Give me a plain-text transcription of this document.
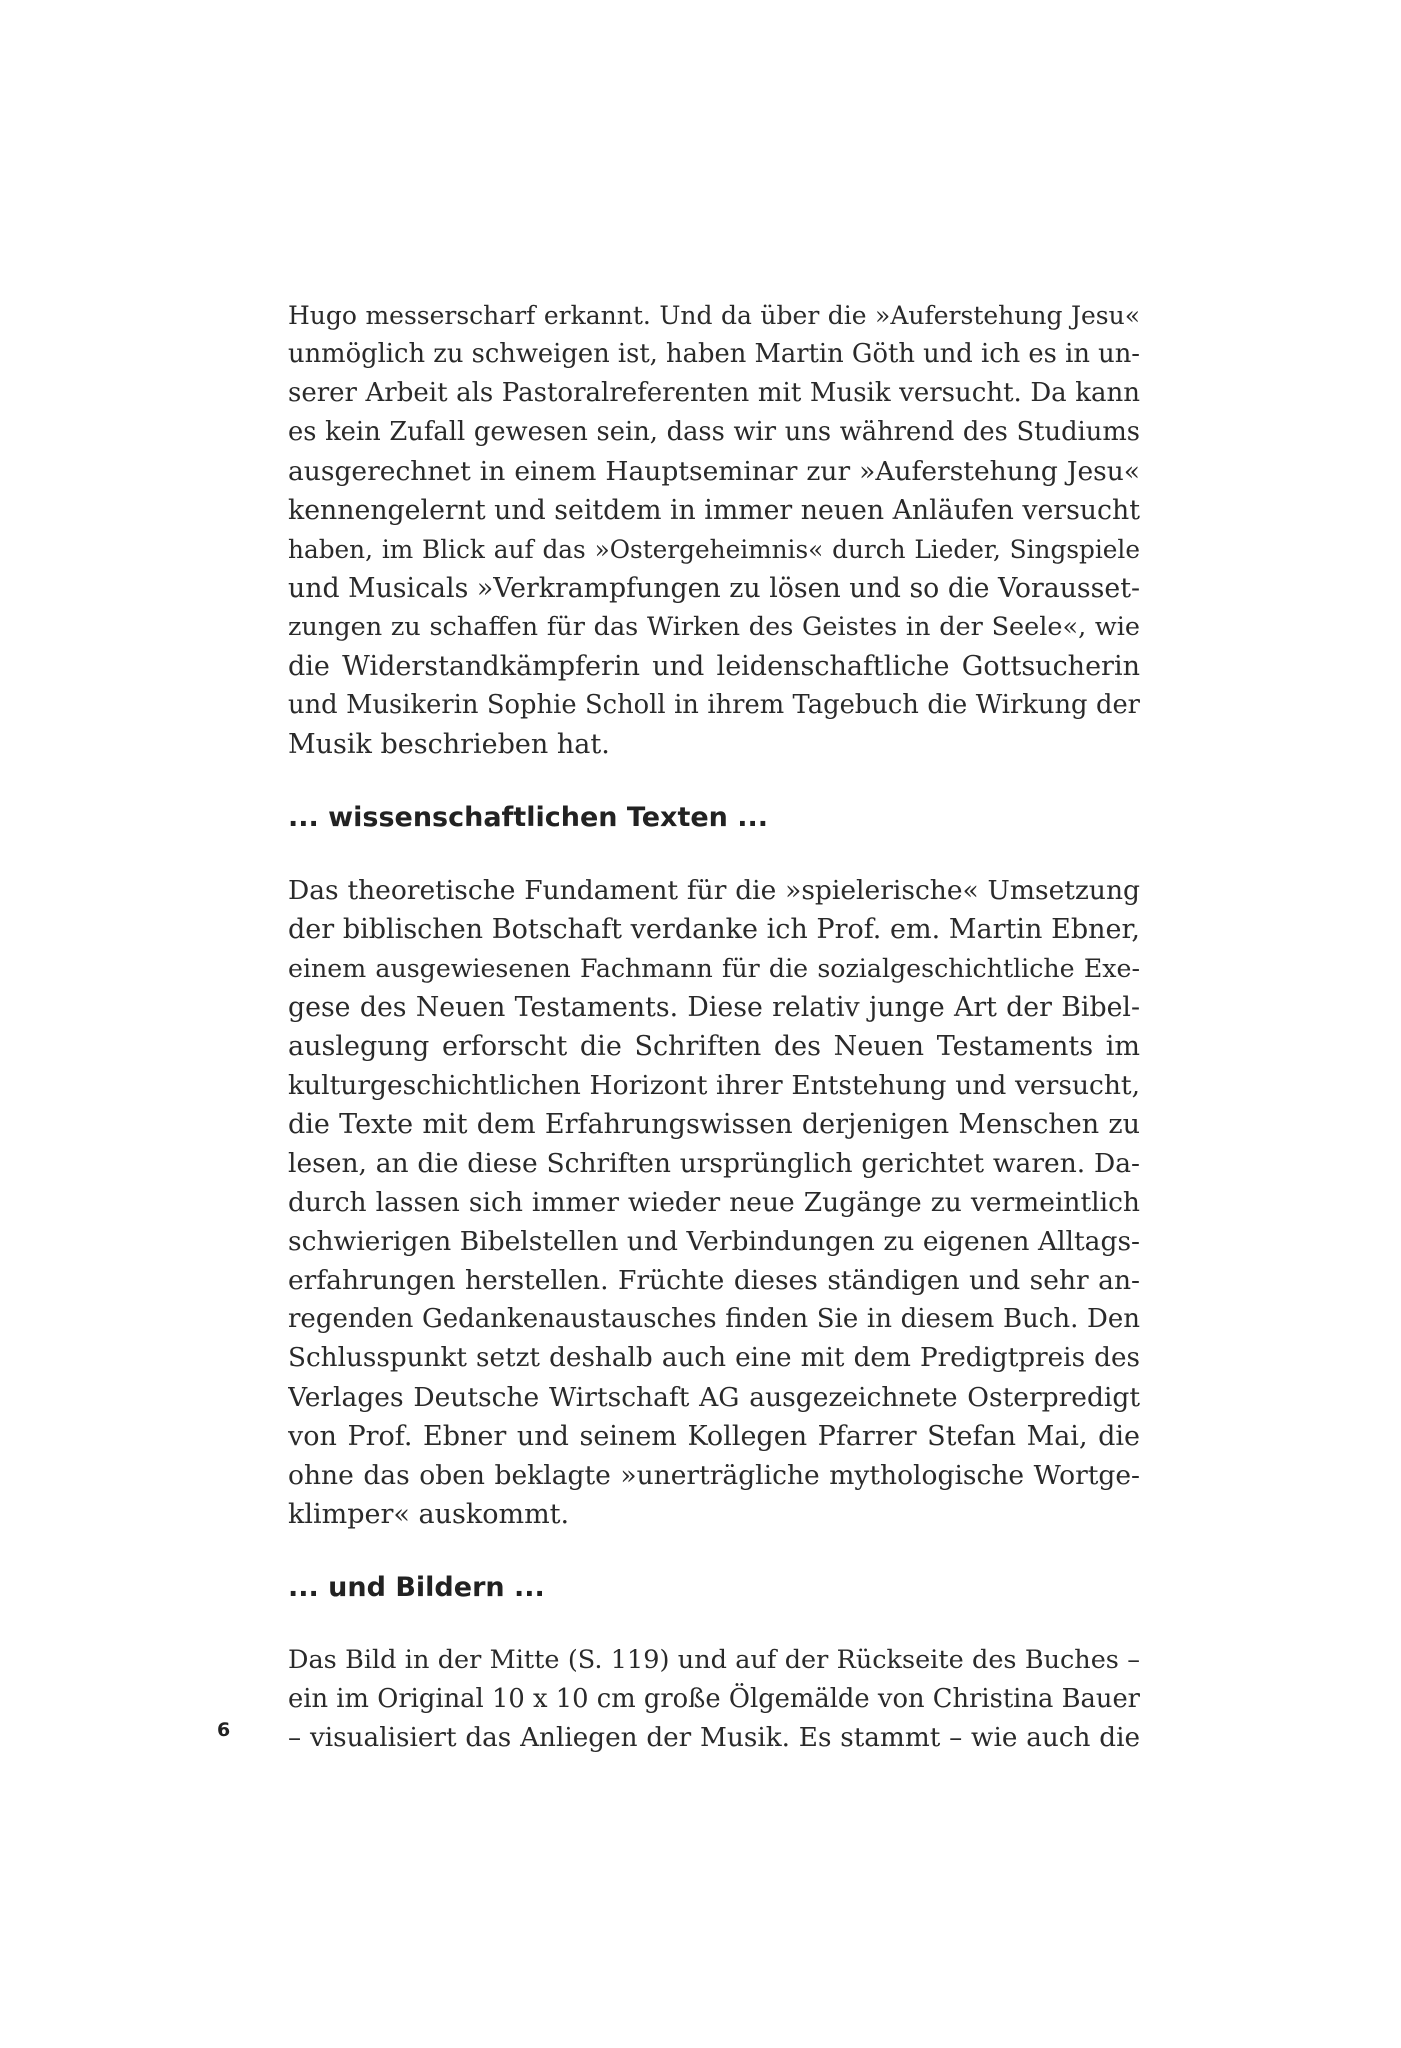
Hugo messerscharf erkannt. Und da über die »Auferstehung Jesu«
unmöglich zu schweigen ist, haben Martin Göth und ich es in un-
serer Arbeit als Pastoralreferenten mit Musik versucht. Da kann
es kein Zufall gewesen sein, dass wir uns während des Studiums
ausgerechnet in einem Hauptseminar zur »Auferstehung Jesu«
kennengelernt und seitdem in immer neuen Anläufen versucht
haben, im Blick auf das »Ostergeheimnis« durch Lieder, Singspiele
und Musicals »Verkrampfungen zu lösen und so die Vorausset-
zungen zu schaffen für das Wirken des Geistes in der Seele«, wie
die Widerstandkämpferin und leidenschaftliche Gottsucherin
und Musikerin Sophie Scholl in ihrem Tagebuch die Wirkung der
Musik beschrieben hat.
... wissenschaftlichen Texten ...
Das theoretische Fundament für die »spielerische« Umsetzung
der biblischen Botschaft verdanke ich Prof. em. Martin Ebner,
einem ausgewiesenen Fachmann für die sozialgeschichtliche Exe-
gese des Neuen Testaments. Diese relativ junge Art der Bibel-
auslegung erforscht die Schriften des Neuen Testaments im
kulturgeschichtlichen Horizont ihrer Entstehung und versucht,
die Texte mit dem Erfahrungswissen derjenigen Menschen zu
lesen, an die diese Schriften ursprünglich gerichtet waren. Da-
durch lassen sich immer wieder neue Zugänge zu vermeintlich
schwierigen Bibelstellen und Verbindungen zu eigenen Alltags-
erfahrungen herstellen. Früchte dieses ständigen und sehr an-
regenden Gedankenaustausches finden Sie in diesem Buch. Den
Schlusspunkt setzt deshalb auch eine mit dem Predigtpreis des
Verlages Deutsche Wirtschaft AG ausgezeichnete Osterpredigt
von Prof. Ebner und seinem Kollegen Pfarrer Stefan Mai, die
ohne das oben beklagte »unerträgliche mythologische Wortge-
klimper« auskommt.
... und Bildern ...
Das Bild in der Mitte (S. 119) und auf der Rückseite des Buches –
ein im Original 10 x 10 cm große Ölgemälde von Christina Bauer
– visualisiert das Anliegen der Musik. Es stammt – wie auch die
6
